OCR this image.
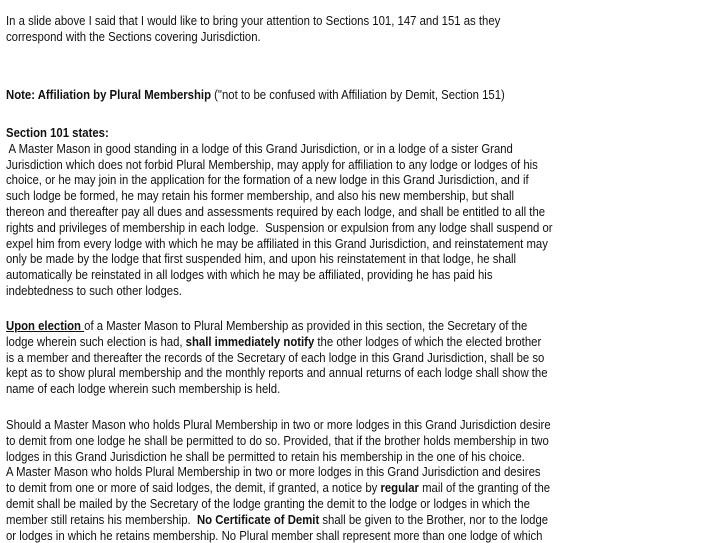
In a slide above I said that I would like to bring your attention to Sections 101, 147 and 151 as they
correspond with the Sections covering Jurisdiction.
Note: Affiliation by Plural Membership ("not to be confused with Affiliation by Demit, Section 151)
Section 101 states:
A Master Mason in good standing in a lodge of this Grand Jurisdiction, or in a lodge of a sister Grand
Jurisdiction which does not forbid Plural Membership, may apply for affiliation to any lodge or lodges of his
choice, or he may join in the application for the formation of a new lodge in this Grand Jurisdiction, and if
such lodge be formed, he may retain his former membership, and also his new membership, but shall
thereon and thereafter pay all dues and assessments required by each lodge, and shall be entitled to all the
rights and privileges of membership in each lodge.  Suspension or expulsion from any lodge shall suspend or
expel him from every lodge with which he may be affiliated in this Grand Jurisdiction, and reinstatement may
only be made by the lodge that first suspended him, and upon his reinstatement in that lodge, he shall
automatically be reinstated in all lodges with which he may be affiliated, providing he has paid his
indebtedness to such other lodges.
Upon election of a Master Mason to Plural Membership as provided in this section, the Secretary of the
lodge wherein such election is had, shall immediately notify the other lodges of which the elected brother
is a member and thereafter the records of the Secretary of each lodge in this Grand Jurisdiction, shall be so
kept as to show plural membership and the monthly reports and annual returns of each lodge shall show the
name of each lodge wherein such membership is held.
Should a Master Mason who holds Plural Membership in two or more lodges in this Grand Jurisdiction desire
to demit from one lodge he shall be permitted to do so. Provided, that if the brother holds membership in two
lodges in this Grand Jurisdiction he shall be permitted to retain his membership in the one of his choice.
A Master Mason who holds Plural Membership in two or more lodges in this Grand Jurisdiction and desires
to demit from one or more of said lodges, the demit, if granted, a notice by regular mail of the granting of the
demit shall be mailed by the Secretary of the lodge granting the demit to the lodge or lodges in which the
member still retains his membership.  No Certificate of Demit shall be given to the Brother, nor to the lodge
or lodges in which he retains membership. No Plural member shall represent more than one lodge of which
